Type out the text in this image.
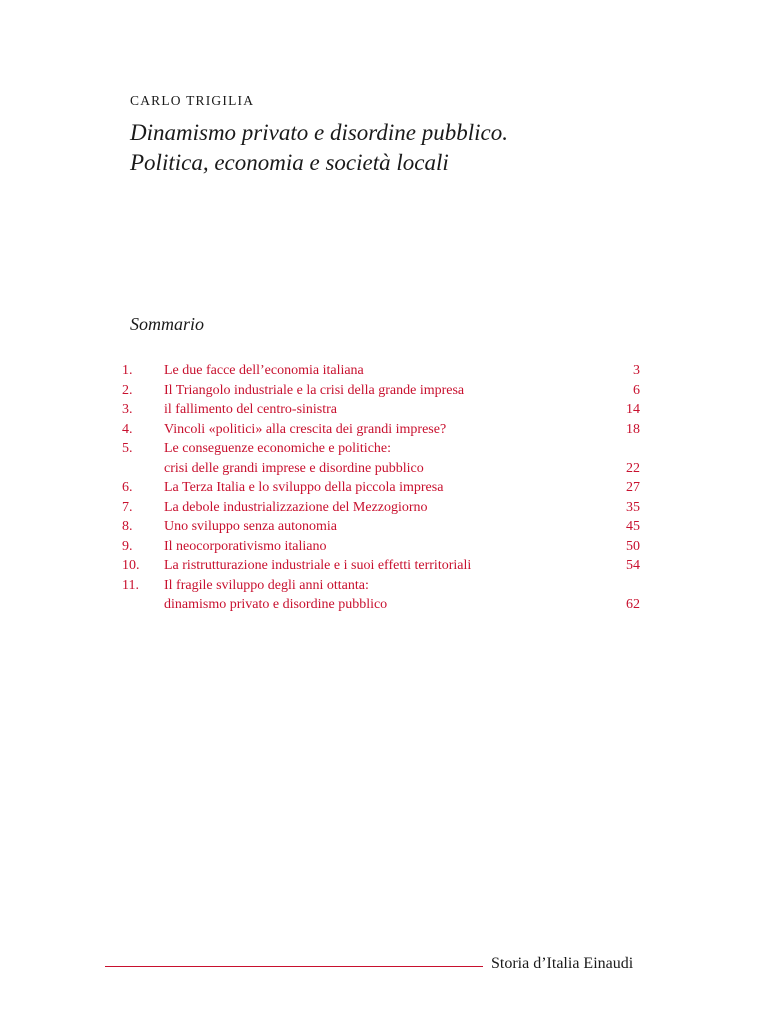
CARLO TRIGILIA
Dinamismo privato e disordine pubblico.
Politica, economia e società locali
Sommario
1.	Le due facce dell’economia italiana	3
2.	Il Triangolo industriale e la crisi della grande impresa	6
3.	il fallimento del centro-sinistra	14
4.	Vincoli «politici» alla crescita dei grandi imprese?	18
5.	Le conseguenze economiche e politiche:
crisi delle grandi imprese e disordine pubblico	22
6.	La Terza Italia e lo sviluppo della piccola impresa	27
7.	La debole industrializzazione del Mezzogiorno	35
8.	Uno sviluppo senza autonomia	45
9.	Il neocorporativismo italiano	50
10.	La ristrutturazione industriale e i suoi effetti territoriali	54
11.	Il fragile sviluppo degli anni ottanta:
dinamismo privato e disordine pubblico	62
Storia d’Italia Einaudi
